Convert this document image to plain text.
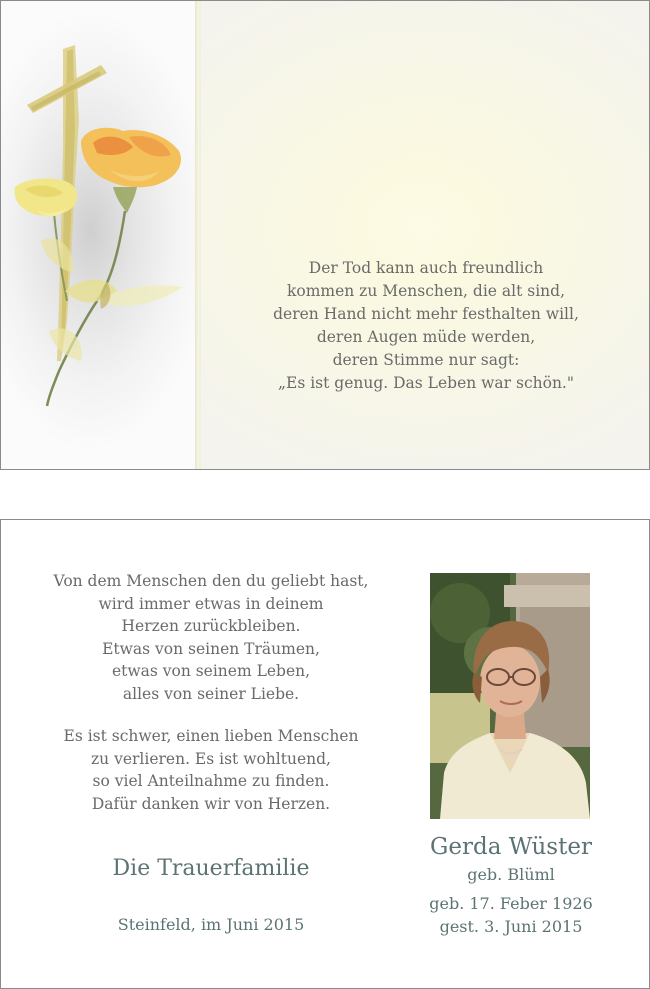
Der Tod kann auch freundlich
kommen zu Menschen, die alt sind,
deren Hand nicht mehr festhalten will,
deren Augen müde werden,
deren Stimme nur sagt:
„Es ist genug. Das Leben war schön."
Von dem Menschen den du geliebt hast,
wird immer etwas in deinem
Herzen zurückbleiben.
Etwas von seinen Träumen,
etwas von seinem Leben,
alles von seiner Liebe.
Es ist schwer, einen lieben Menschen
zu verlieren. Es ist wohltuend,
so viel Anteilnahme zu finden.
Dafür danken wir von Herzen.
Die Trauerfamilie
Steinfeld, im Juni 2015
Gerda Wüster
geb. Blüml
geb. 17. Feber 1926
gest. 3. Juni 2015
